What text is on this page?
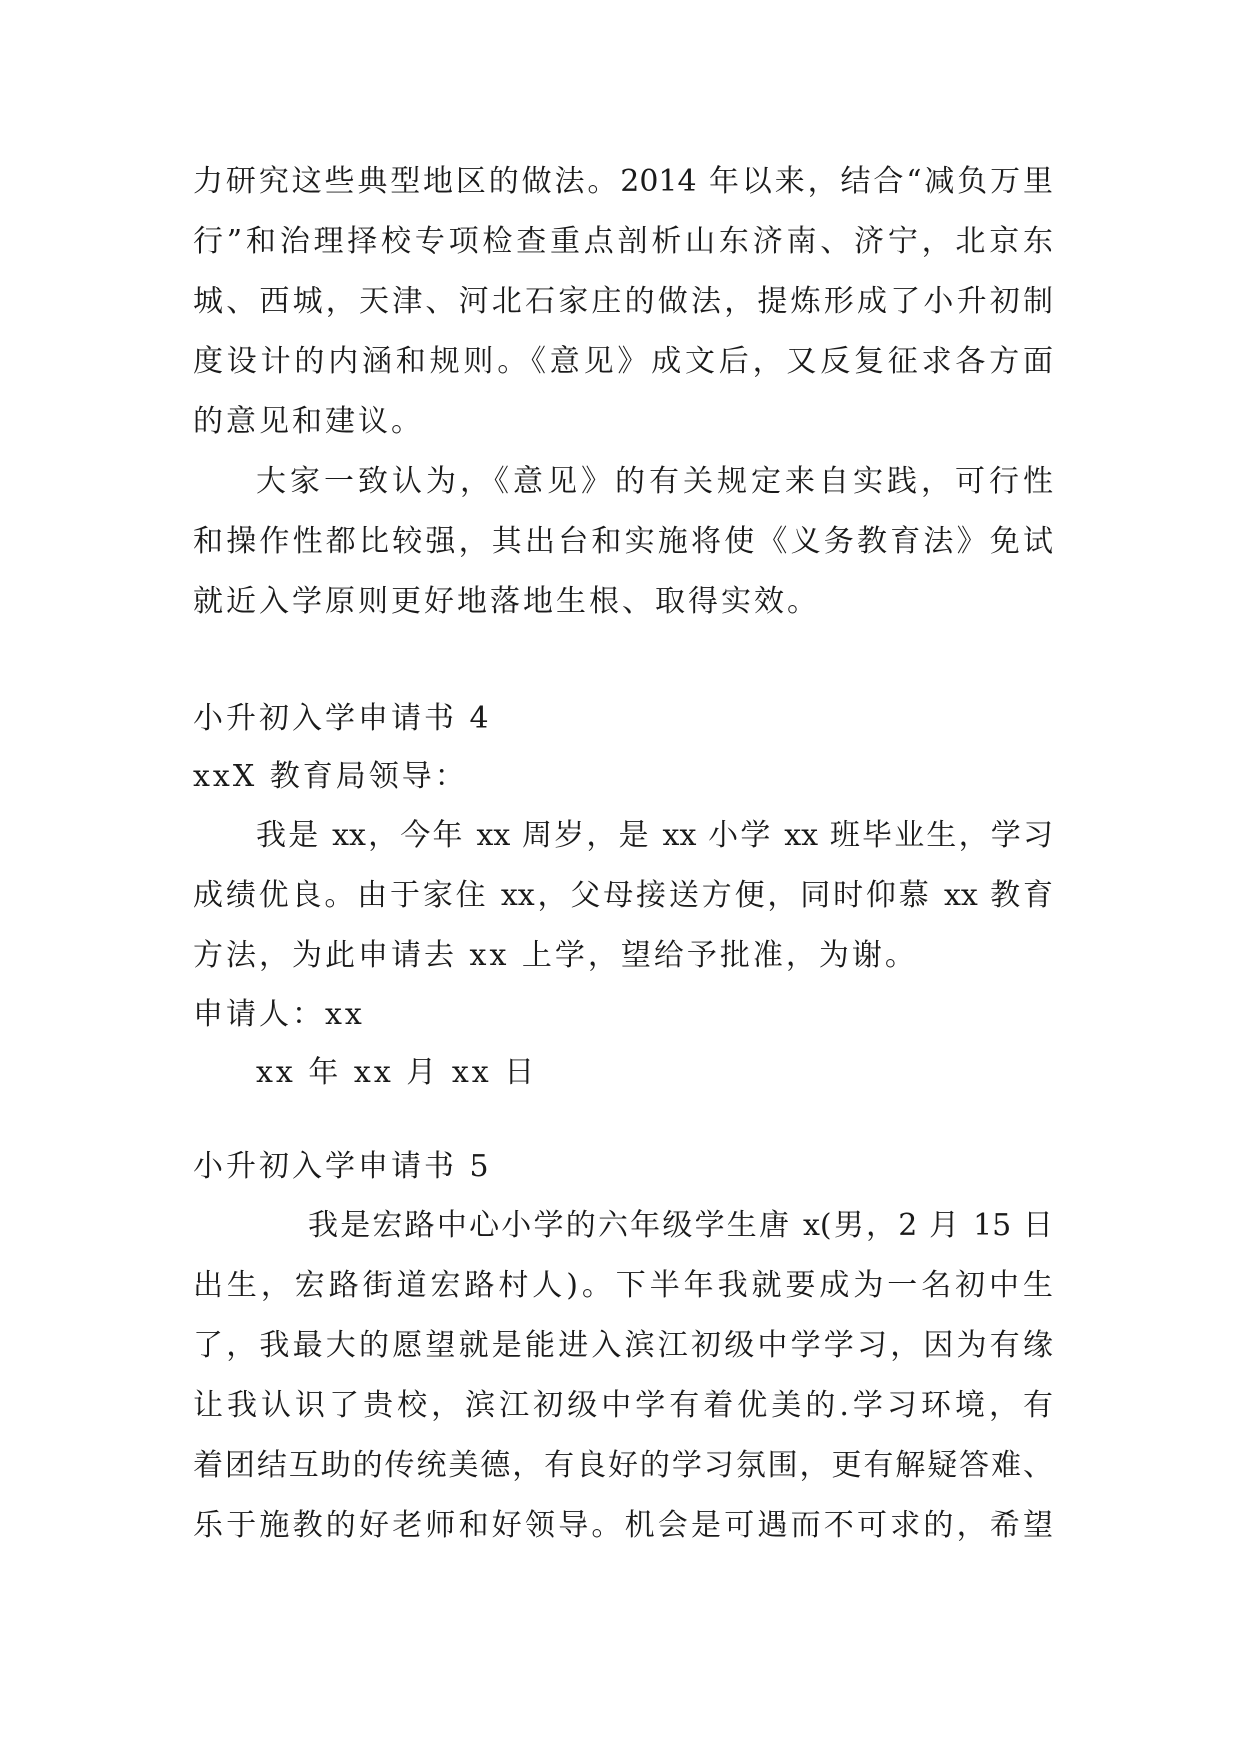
力研究这些典型地区的做法。2014 年以来，结合“减负万里
行”和治理择校专项检查重点剖析山东济南、济宁，北京东
城、西城，天津、河北石家庄的做法，提炼形成了小升初制
度设计的内涵和规则。《意见》成文后，又反复征求各方面
的意见和建议。
大家一致认为，《意见》的有关规定来自实践，可行性
和操作性都比较强，其出台和实施将使《义务教育法》免试
就近入学原则更好地落地生根、取得实效。
小升初入学申请书 4
xxX 教育局领导：
我是 xx，今年 xx 周岁，是 xx 小学 xx 班毕业生，学习
成绩优良。由于家住 xx，父母接送方便，同时仰慕 xx 教育
方法，为此申请去 xx 上学，望给予批准，为谢。
申请人：xx
xx 年 xx 月 xx 日
小升初入学申请书 5
我是宏路中心小学的六年级学生唐 x(男，2 月 15 日
出生，宏路街道宏路村人)。下半年我就要成为一名初中生
了，我最大的愿望就是能进入滨江初级中学学习，因为有缘
让我认识了贵校，滨江初级中学有着优美的.学习环境，有
着团结互助的传统美德，有良好的学习氛围，更有解疑答难、
乐于施教的好老师和好领导。机会是可遇而不可求的，希望
